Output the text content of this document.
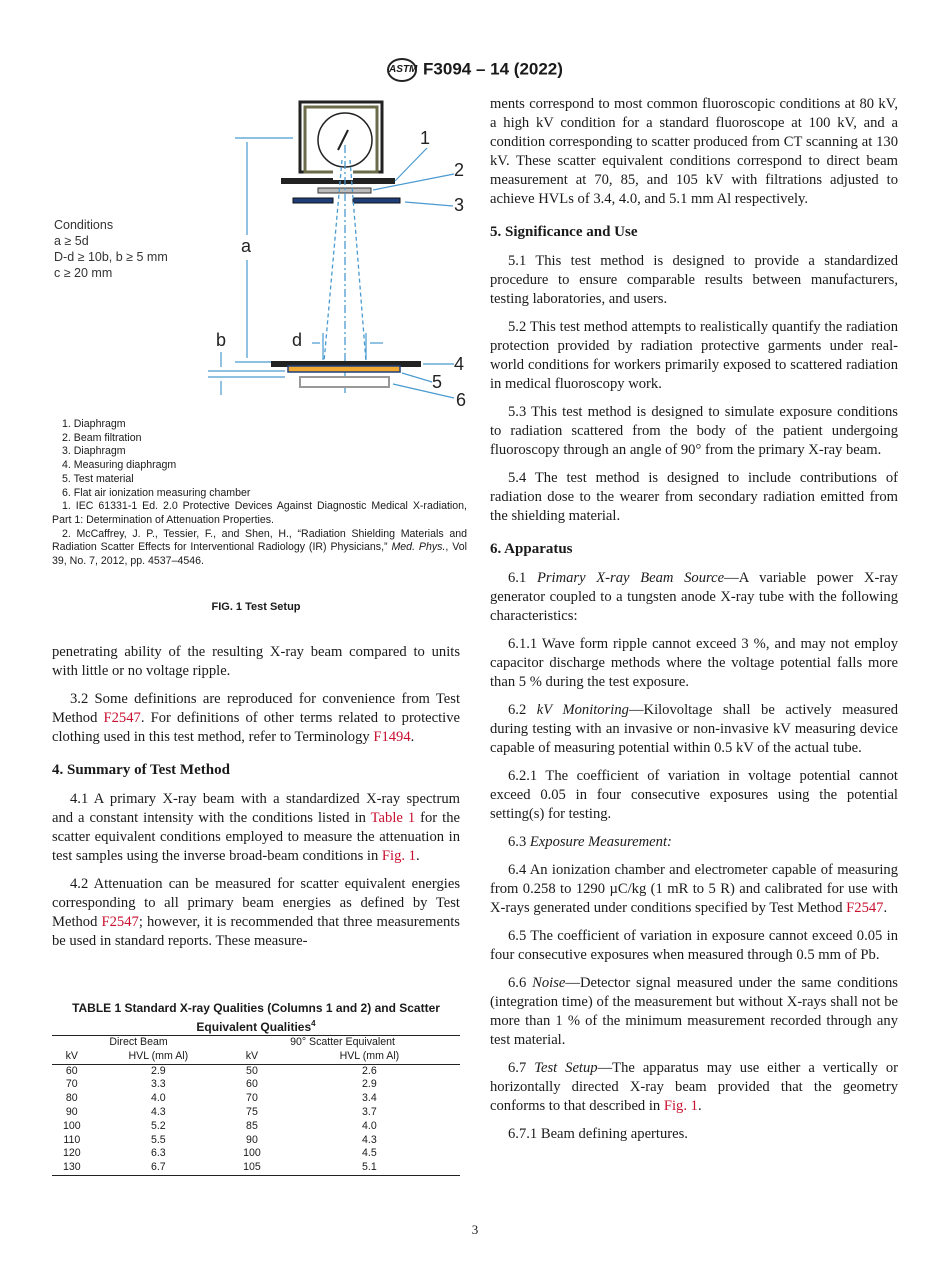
ASTM F3094 – 14 (2022)
Conditions
a ≥ 5d
D-d ≥ 10b, b ≥ 5 mm
c ≥ 20 mm
1
2
3
4
5
6
a
b	d
1. Diaphragm
2. Beam filtration
3. Diaphragm
4. Measuring diaphragm
5. Test material
6. Flat air ionization measuring chamber
1. IEC 61331-1 Ed. 2.0 Protective Devices Against Diagnostic Medical X-radiation, Part 1: Determination of Attenuation Properties.
2. McCaffrey, J. P., Tessier, F., and Shen, H., “Radiation Shielding Materials and Radiation Scatter Effects for Interventional Radiology (IR) Physicians,” Med. Phys., Vol 39, No. 7, 2012, pp. 4537–4546.
FIG. 1 Test Setup

penetrating ability of the resulting X-ray beam compared to units with little or no voltage ripple.

3.2 Some definitions are reproduced for convenience from Test Method F2547. For definitions of other terms related to protective clothing used in this test method, refer to Terminology F1494.

4. Summary of Test Method

4.1 A primary X-ray beam with a standardized X-ray spectrum and a constant intensity with the conditions listed in Table 1 for the scatter equivalent conditions employed to measure the attenuation in test samples using the inverse broad-beam conditions in Fig. 1.

4.2 Attenuation can be measured for scatter equivalent energies corresponding to all primary beam energies as defined by Test Method F2547; however, it is recommended that three measurements be used in standard reports. These measure-

TABLE 1 Standard X-ray Qualities (Columns 1 and 2) and Scatter Equivalent Qualities$^4$
Direct Beam		90° Scatter Equivalent	
kV	HVL (mm Al)	kV	HVL (mm Al)
60	2.9	50	2.6
70	3.3	60	2.9
80	4.0	70	3.4
90	4.3	75	3.7
100	5.2	85	4.0
110	5.5	90	4.3
120	6.3	100	4.5
130	6.7	105	5.1

ments correspond to most common fluoroscopic conditions at 80 kV, a high kV condition for a standard fluoroscope at 100 kV, and a condition corresponding to scatter produced from CT scanning at 130 kV. These scatter equivalent conditions correspond to direct beam measurement at 70, 85, and 105 kV with filtrations adjusted to achieve HVLs of 3.4, 4.0, and 5.1 mm Al respectively.

5. Significance and Use

5.1 This test method is designed to provide a standardized procedure to ensure comparable results between manufacturers, testing laboratories, and users.

5.2 This test method attempts to realistically quantify the radiation protection provided by radiation protective garments under real-world conditions for workers primarily exposed to scattered radiation in medical fluoroscopy work.

5.3 This test method is designed to simulate exposure conditions to radiation scattered from the body of the patient undergoing fluoroscopy through an angle of 90° from the primary X-ray beam.

5.4 The test method is designed to include contributions of radiation dose to the wearer from secondary radiation emitted from the shielding material.

6. Apparatus

6.1 Primary X-ray Beam Source—A variable power X-ray generator coupled to a tungsten anode X-ray tube with the following characteristics:

6.1.1 Wave form ripple cannot exceed 3 %, and may not employ capacitor discharge methods where the voltage potential falls more than 5 % during the test exposure.

6.2 kV Monitoring—Kilovoltage shall be actively measured during testing with an invasive or non-invasive kV measuring device capable of measuring potential within 0.5 kV of the actual tube.

6.2.1 The coefficient of variation in voltage potential cannot exceed 0.05 in four consecutive exposures using the potential setting(s) for testing.

6.3 Exposure Measurement:

6.4 An ionization chamber and electrometer capable of measuring from 0.258 to 1290 µC/kg (1 mR to 5 R) and calibrated for use with X-rays generated under conditions specified by Test Method F2547.

6.5 The coefficient of variation in exposure cannot exceed 0.05 in four consecutive exposures when measured through 0.5 mm of Pb.

6.6 Noise—Detector signal measured under the same conditions (integration time) of the measurement but without X-rays shall not be more than 1 % of the minimum measurement recorded through any test material.

6.7 Test Setup—The apparatus may use either a vertically or horizontally directed X-ray beam provided that the geometry conforms to that described in Fig. 1.

6.7.1 Beam defining apertures.

3
